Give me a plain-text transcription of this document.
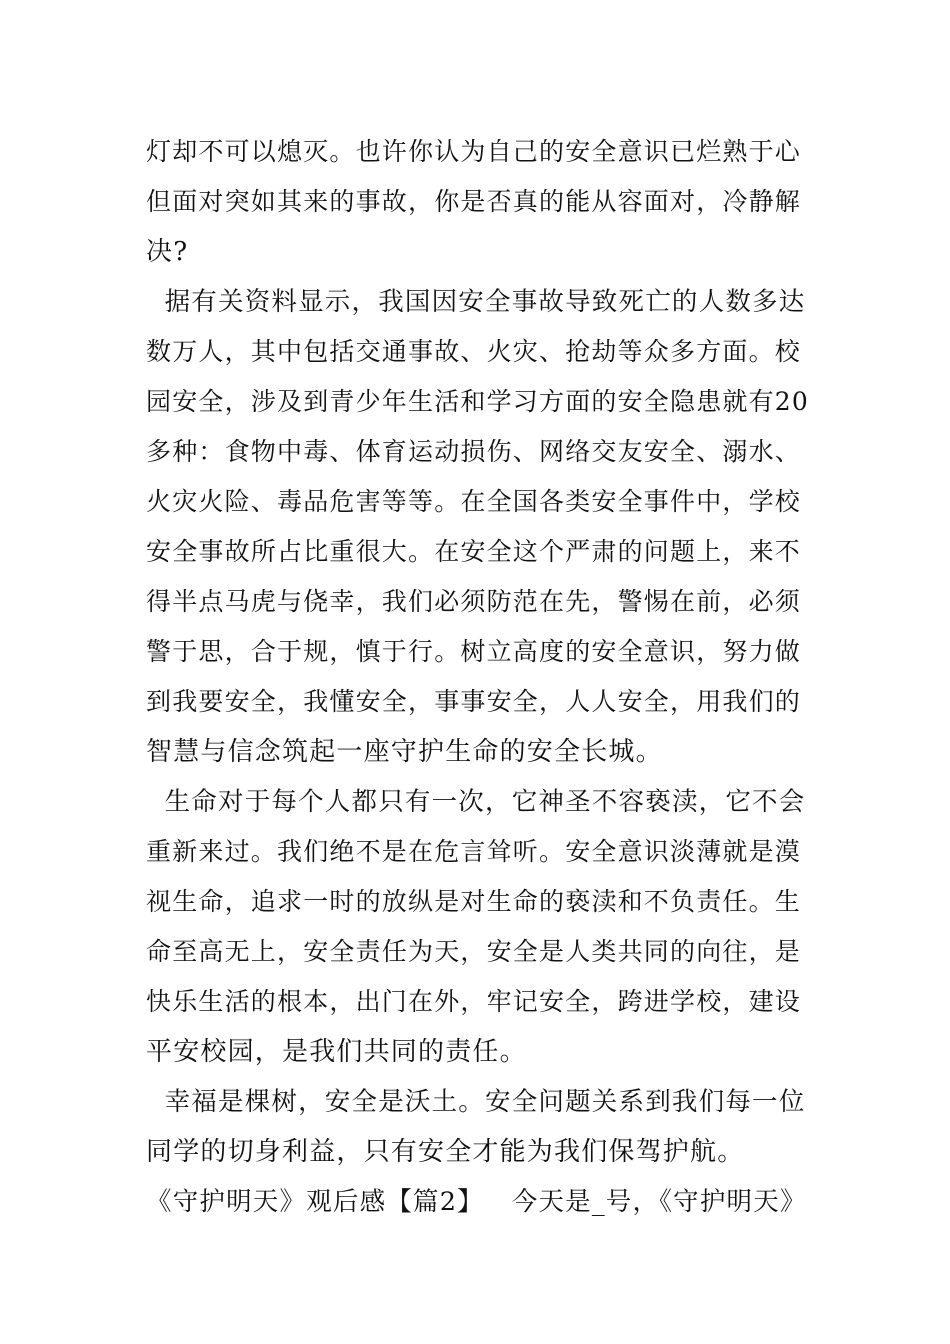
灯却不可以熄灭。也许你认为自己的安全意识已烂熟于心

但面对突如其来的事故，你是否真的能从容面对，冷静解

决?

据有关资料显示，我国因安全事故导致死亡的人数多达

数万人，其中包括交通事故、火灾、抢劫等众多方面。校

园安全，涉及到青少年生活和学习方面的安全隐患就有20

多种：食物中毒、体育运动损伤、网络交友安全、溺水、

火灾火险、毒品危害等等。在全国各类安全事件中，学校

安全事故所占比重很大。在安全这个严肃的问题上，来不

得半点马虎与侥幸，我们必须防范在先，警惕在前，必须

警于思，合于规，慎于行。树立高度的安全意识，努力做

到我要安全，我懂安全，事事安全，人人安全，用我们的

智慧与信念筑起一座守护生命的安全长城。

生命对于每个人都只有一次，它神圣不容亵渎，它不会

重新来过。我们绝不是在危言耸听。安全意识淡薄就是漠

视生命，追求一时的放纵是对生命的亵渎和不负责任。生

命至高无上，安全责任为天，安全是人类共同的向往，是

快乐生活的根本，出门在外，牢记安全，跨进学校，建设

平安校园，是我们共同的责任。

幸福是棵树，安全是沃土。安全问题关系到我们每一位

同学的切身利益，只有安全才能为我们保驾护航。

《守护明天》观后感【篇2】   今天是_号，《守护明天》
